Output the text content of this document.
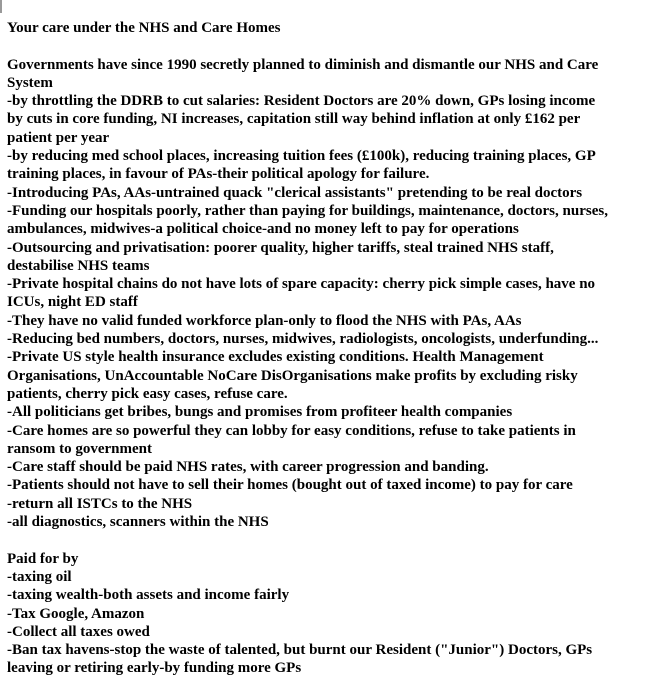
Your care under the NHS and Care Homes
Governments have since 1990 secretly planned to diminish and dismantle our NHS and Care
System
-by throttling the DDRB to cut salaries: Resident Doctors are 20% down, GPs losing income
by cuts in core funding, NI increases, capitation still way behind inflation at only £162 per
patient per year
-by reducing med school places, increasing tuition fees (£100k), reducing training places, GP
training places, in favour of PAs-their political apology for failure.
-Introducing PAs, AAs-untrained quack "clerical assistants" pretending to be real doctors
-Funding our hospitals poorly, rather than paying for buildings, maintenance, doctors, nurses,
ambulances, midwives-a political choice-and no money left to pay for operations
-Outsourcing and privatisation: poorer quality, higher tariffs, steal trained NHS staff,
destabilise NHS teams
-Private hospital chains do not have lots of spare capacity: cherry pick simple cases, have no
ICUs, night ED staff
-They have no valid funded workforce plan-only to flood the NHS with PAs, AAs
-Reducing bed numbers, doctors, nurses, midwives, radiologists, oncologists, underfunding...
-Private US style health insurance excludes existing conditions. Health Management
Organisations, UnAccountable NoCare DisOrganisations make profits by excluding risky
patients, cherry pick easy cases, refuse care.
-All politicians get bribes, bungs and promises from profiteer health companies
-Care homes are so powerful they can lobby for easy conditions, refuse to take patients in
ransom to government
-Care staff should be paid NHS rates, with career progression and banding.
-Patients should not have to sell their homes (bought out of taxed income) to pay for care
-return all ISTCs to the NHS
-all diagnostics, scanners within the NHS

Paid for by
-taxing oil
-taxing wealth-both assets and income fairly
-Tax Google, Amazon
-Collect all taxes owed
-Ban tax havens-stop the waste of talented, but burnt our Resident ("Junior") Doctors, GPs
leaving or retiring early-by funding more GPs
